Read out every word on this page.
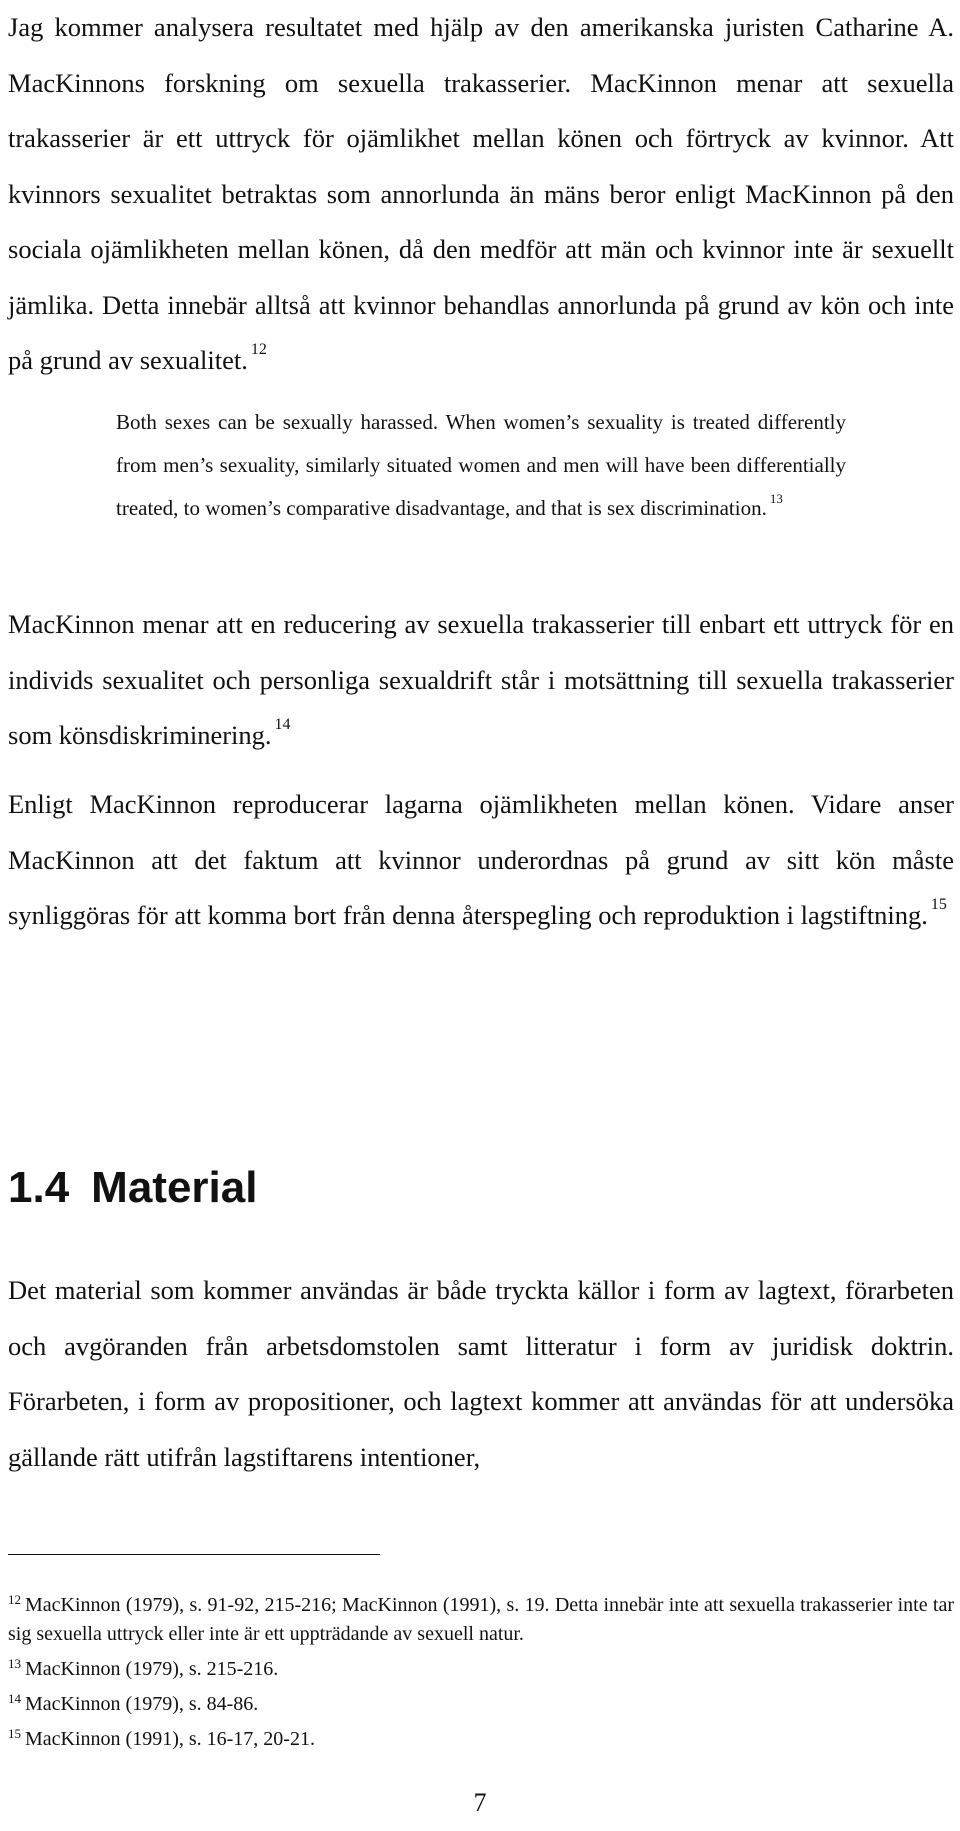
Jag kommer analysera resultatet med hjälp av den amerikanska juristen Catharine A. MacKinnons forskning om sexuella trakasserier. MacKinnon menar att sexuella trakasserier är ett uttryck för ojämlikhet mellan könen och förtryck av kvinnor. Att kvinnors sexualitet betraktas som annorlunda än mäns beror enligt MacKinnon på den sociala ojämlikheten mellan könen, då den medför att män och kvinnor inte är sexuellt jämlika. Detta innebär alltså att kvinnor behandlas annorlunda på grund av kön och inte på grund av sexualitet. $^{12}$

Both sexes can be sexually harassed. When women’s sexuality is treated differently from men’s sexuality, similarly situated women and men will have been differentially treated, to women’s comparative disadvantage, and that is sex discrimination. $^{13}$

MacKinnon menar att en reducering av sexuella trakasserier till enbart ett uttryck för en individs sexualitet och personliga sexualdrift står i motsättning till sexuella trakasserier som könsdiskriminering. $^{14}$

Enligt MacKinnon reproducerar lagarna ojämlikheten mellan könen. Vidare anser MacKinnon att det faktum att kvinnor underordnas på grund av sitt kön måste synliggöras för att komma bort från denna återspegling och reproduktion i lagstiftning. $^{15}$

1.4 Material

Det material som kommer användas är både tryckta källor i form av lagtext, förarbeten och avgöranden från arbetsdomstolen samt litteratur i form av juridisk doktrin. Förarbeten, i form av propositioner, och lagtext kommer att användas för att undersöka gällande rätt utifrån lagstiftarens intentioner,

$^{12}$ MacKinnon (1979), s. 91-92, 215-216; MacKinnon (1991), s. 19. Detta innebär inte att sexuella trakasserier inte tar sig sexuella uttryck eller inte är ett uppträdande av sexuell natur.
$^{13}$ MacKinnon (1979), s. 215-216.
$^{14}$ MacKinnon (1979), s. 84-86.
$^{15}$ MacKinnon (1991), s. 16-17, 20-21.

7
